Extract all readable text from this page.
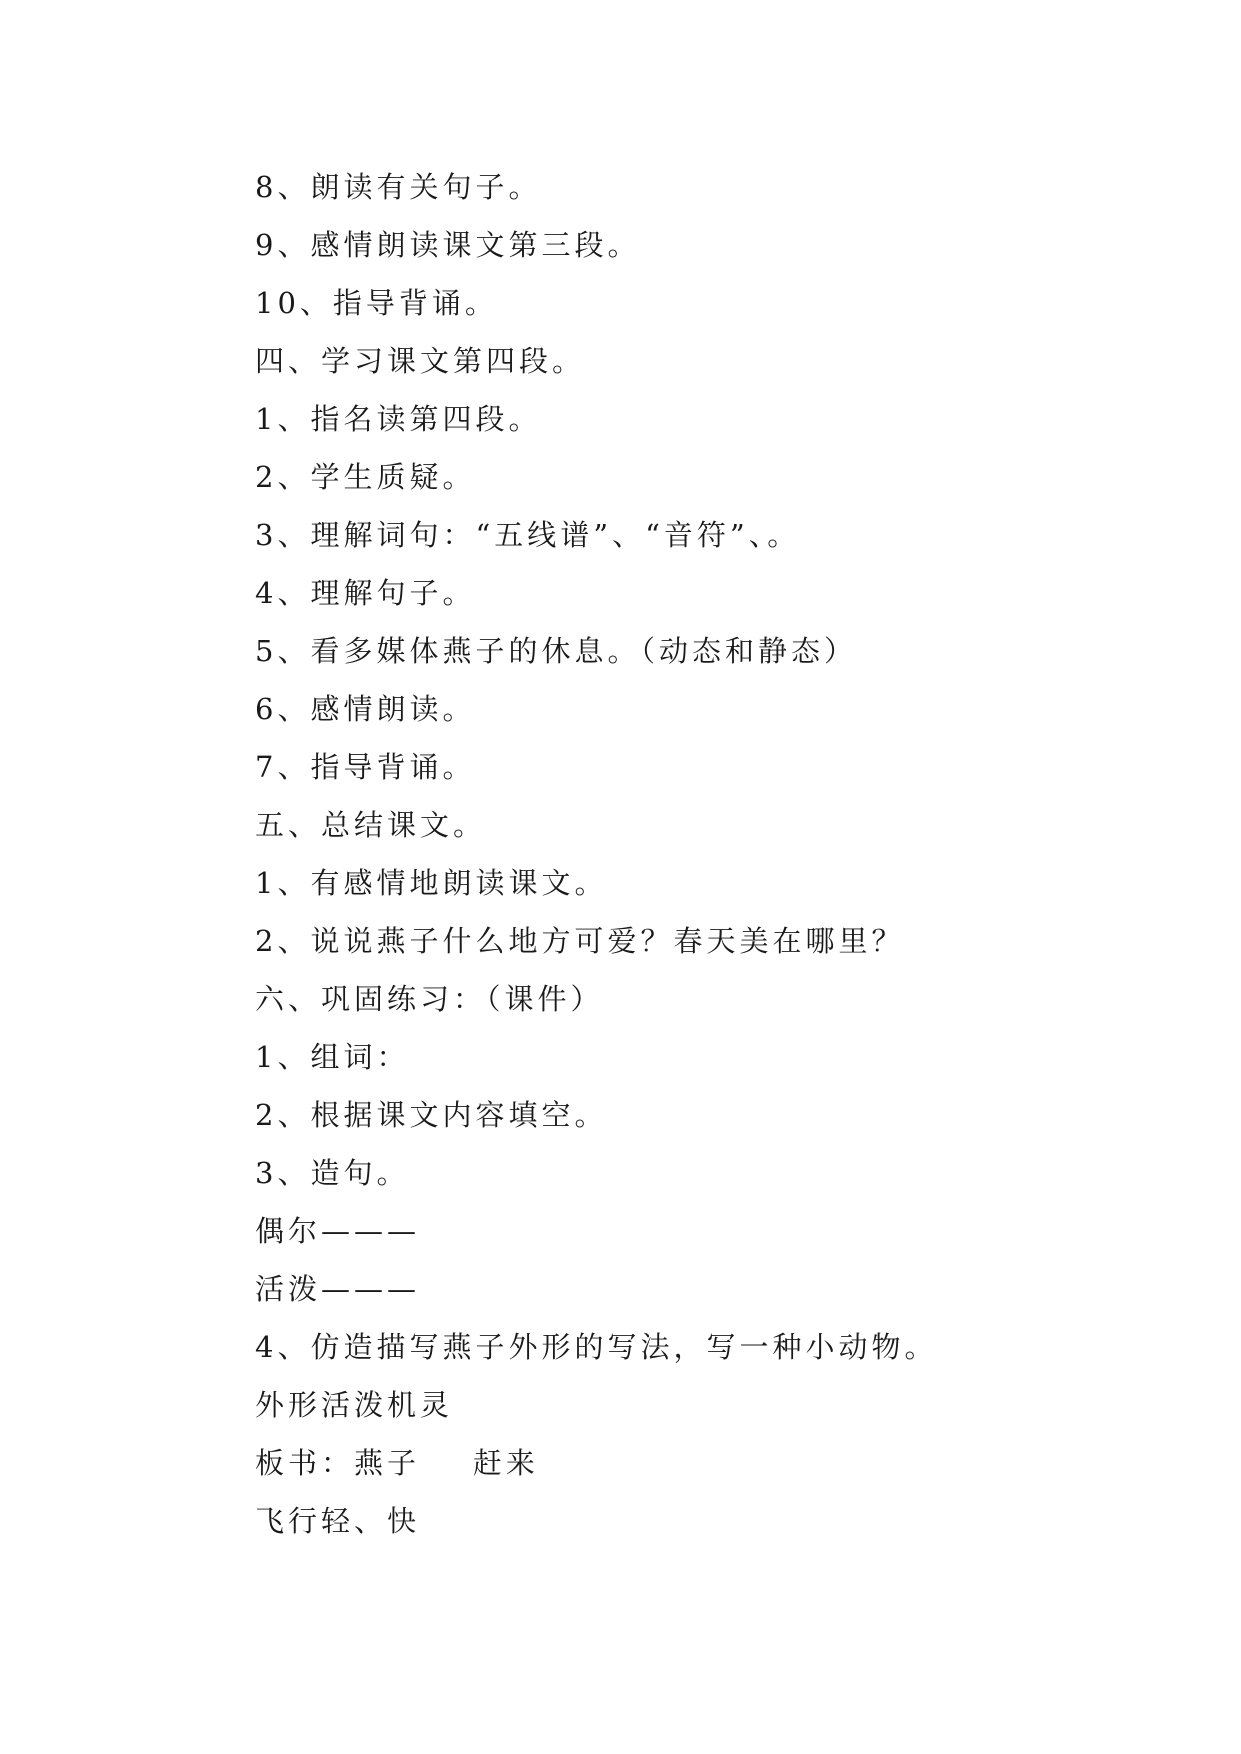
8、朗读有关句子。
9、感情朗读课文第三段。
10、指导背诵。
四、学习课文第四段。
1、指名读第四段。
2、学生质疑。
3、理解词句：“五线谱”、“音符”、。
4、理解句子。
5、看多媒体燕子的休息。（动态和静态）
6、感情朗读。
7、指导背诵。
五、总结课文。
1、有感情地朗读课文。
2、说说燕子什么地方可爱？春天美在哪里？
六、巩固练习：（课件）
1、组词：
2、根据课文内容填空。
3、造句。
偶尔———
活泼———
4、仿造描写燕子外形的写法，写一种小动物。
外形活泼机灵
板书：燕子    赶来
飞行轻、快
